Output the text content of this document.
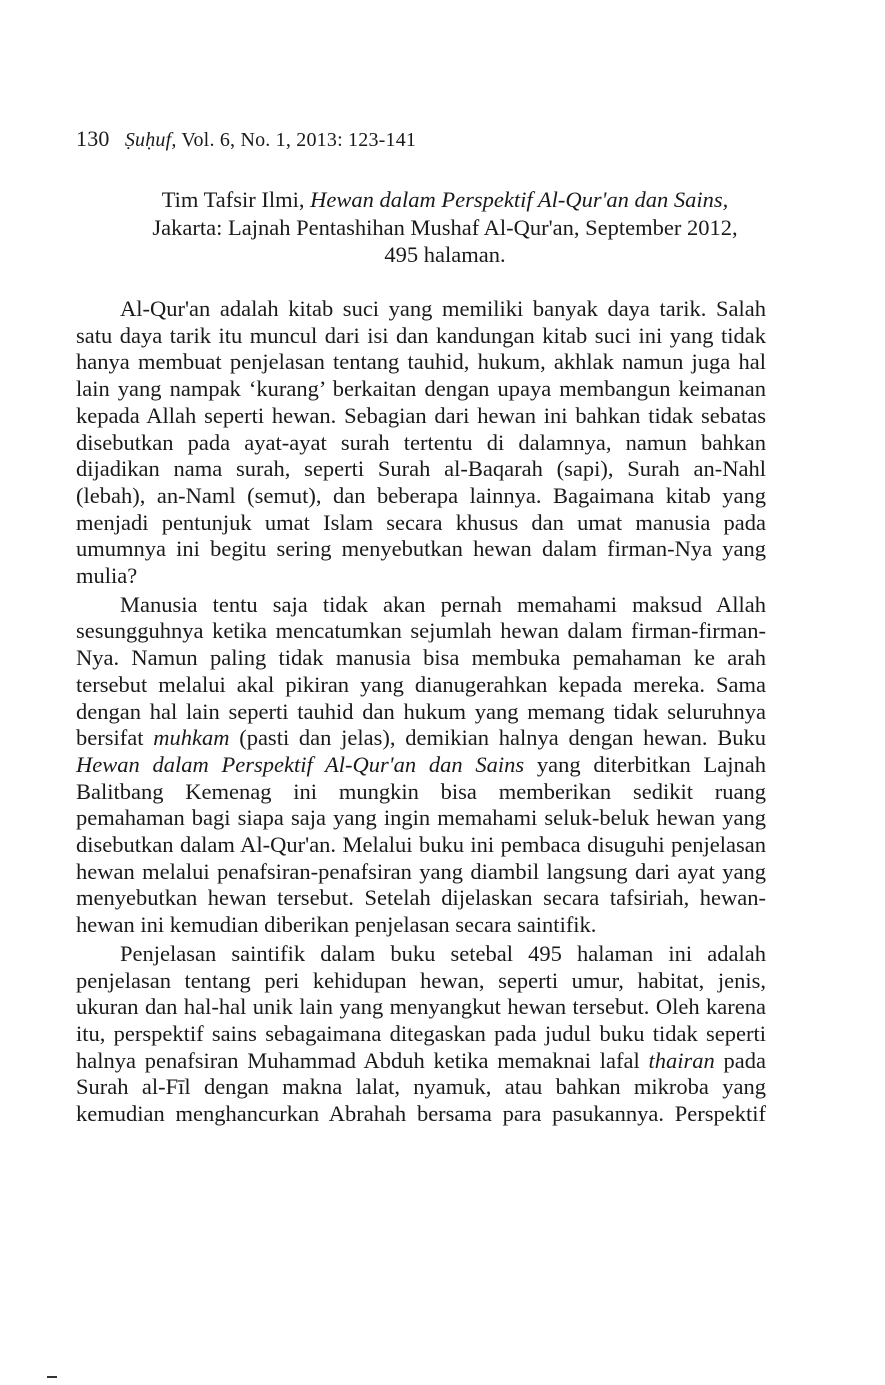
130 Ṣuḥuf, Vol. 6, No. 1, 2013: 123-141
Tim Tafsir Ilmi, Hewan dalam Perspektif Al-Qur'an dan Sains,
Jakarta: Lajnah Pentashihan Mushaf Al-Qur'an, September 2012,
495 halaman.

Al-Qur'an adalah kitab suci yang memiliki banyak daya tarik. Salah satu daya tarik itu muncul dari isi dan kandungan kitab suci ini yang tidak hanya membuat penjelasan tentang tauhid, hukum, akhlak namun juga hal lain yang nampak ‘kurang’ berkaitan dengan upaya membangun keimanan kepada Allah seperti hewan. Sebagian dari hewan ini bahkan tidak sebatas disebutkan pada ayat-ayat surah tertentu di dalamnya, namun bahkan dijadikan nama surah, seperti Surah al-Baqarah (sapi), Surah an-Nahl (lebah), an-Naml (semut), dan beberapa lainnya. Bagaimana kitab yang menjadi pentunjuk umat Islam secara khusus dan umat manusia pada umumnya ini begitu sering menyebutkan hewan dalam firman-Nya yang mulia?

Manusia tentu saja tidak akan pernah memahami maksud Allah sesungguhnya ketika mencatumkan sejumlah hewan dalam firman-firman-Nya. Namun paling tidak manusia bisa membuka pemahaman ke arah tersebut melalui akal pikiran yang dianugerahkan kepada mereka. Sama dengan hal lain seperti tauhid dan hukum yang memang tidak seluruhnya bersifat muhkam (pasti dan jelas), demikian halnya dengan hewan. Buku Hewan dalam Perspektif Al-Qur'an dan Sains yang diterbitkan Lajnah Balitbang Kemenag ini mungkin bisa memberikan sedikit ruang pemahaman bagi siapa saja yang ingin memahami seluk-beluk hewan yang disebutkan dalam Al-Qur'an. Melalui buku ini pembaca disuguhi penjelasan hewan melalui penafsiran-penafsiran yang diambil langsung dari ayat yang menyebutkan hewan tersebut. Setelah dijelaskan secara tafsiriah, hewan-hewan ini kemudian diberikan penjelasan secara saintifik.

Penjelasan saintifik dalam buku setebal 495 halaman ini adalah penjelasan tentang peri kehidupan hewan, seperti umur, habitat, jenis, ukuran dan hal-hal unik lain yang menyangkut hewan tersebut. Oleh karena itu, perspektif sains sebagaimana ditegaskan pada judul buku tidak seperti halnya penafsiran Muhammad Abduh ketika memaknai lafal thairan pada Surah al-Fīl dengan makna lalat, nyamuk, atau bahkan mikroba yang kemudian menghancurkan Abrahah bersama para pasukannya. Perspektif
